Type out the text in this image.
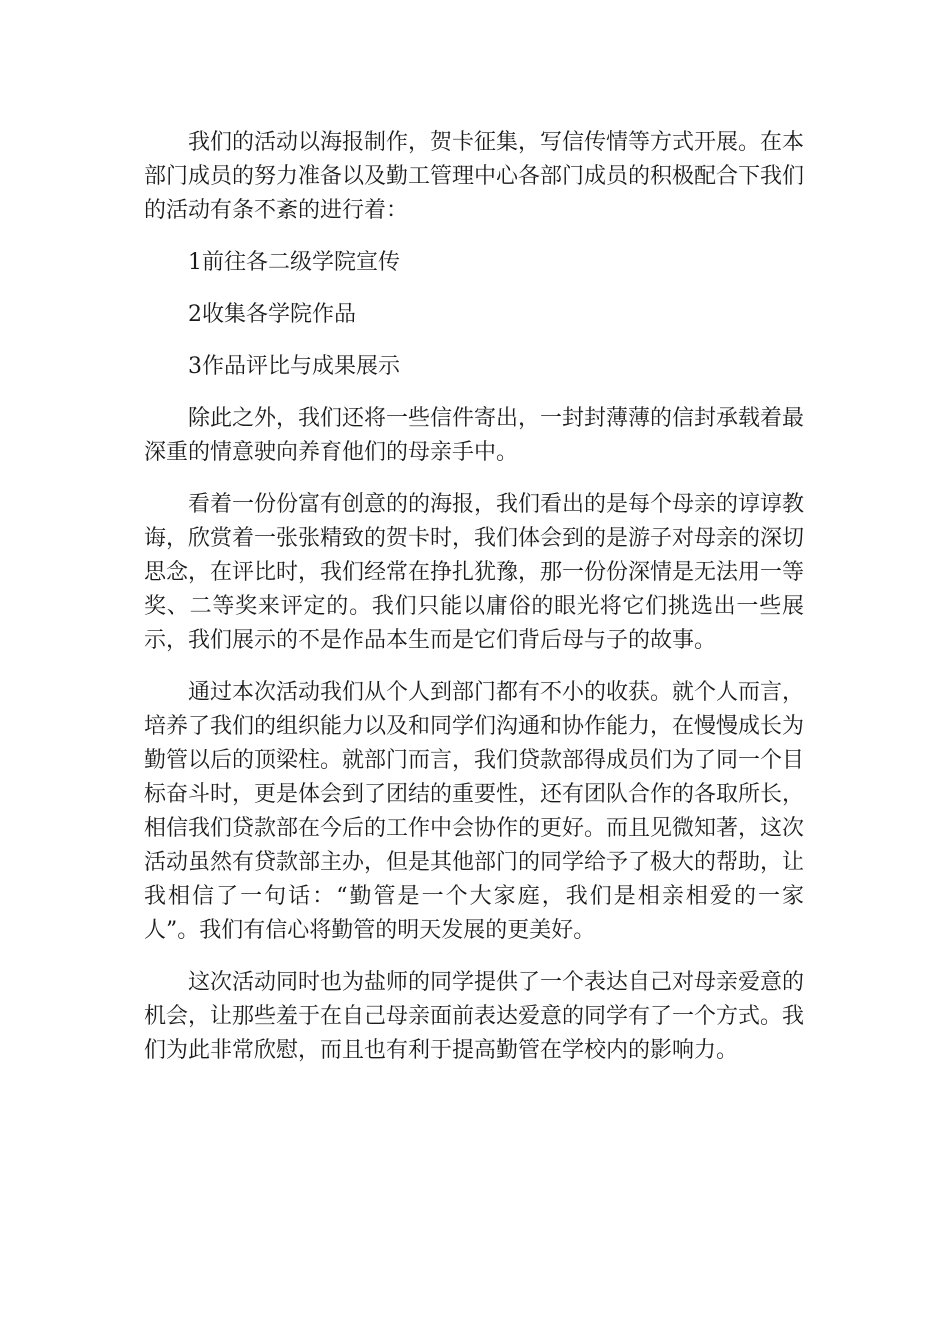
我们的活动以海报制作，贺卡征集，写信传情等方式开展。在本部门成员的努力准备以及勤工管理中心各部门成员的积极配合下我们的活动有条不紊的进行着：

1前往各二级学院宣传

2收集各学院作品

3作品评比与成果展示

除此之外，我们还将一些信件寄出，一封封薄薄的信封承载着最深重的情意驶向养育他们的母亲手中。

看着一份份富有创意的的海报，我们看出的是每个母亲的谆谆教诲，欣赏着一张张精致的贺卡时，我们体会到的是游子对母亲的深切思念，在评比时，我们经常在挣扎犹豫，那一份份深情是无法用一等奖、二等奖来评定的。我们只能以庸俗的眼光将它们挑选出一些展示，我们展示的不是作品本生而是它们背后母与子的故事。

通过本次活动我们从个人到部门都有不小的收获。就个人而言，培养了我们的组织能力以及和同学们沟通和协作能力，在慢慢成长为勤管以后的顶梁柱。就部门而言，我们贷款部得成员们为了同一个目标奋斗时，更是体会到了团结的重要性，还有团队合作的各取所长，相信我们贷款部在今后的工作中会协作的更好。而且见微知著，这次活动虽然有贷款部主办，但是其他部门的同学给予了极大的帮助，让我相信了一句话：“勤管是一个大家庭，我们是相亲相爱的一家人”。我们有信心将勤管的明天发展的更美好。

这次活动同时也为盐师的同学提供了一个表达自己对母亲爱意的机会，让那些羞于在自己母亲面前表达爱意的同学有了一个方式。我们为此非常欣慰，而且也有利于提高勤管在学校内的影响力。
